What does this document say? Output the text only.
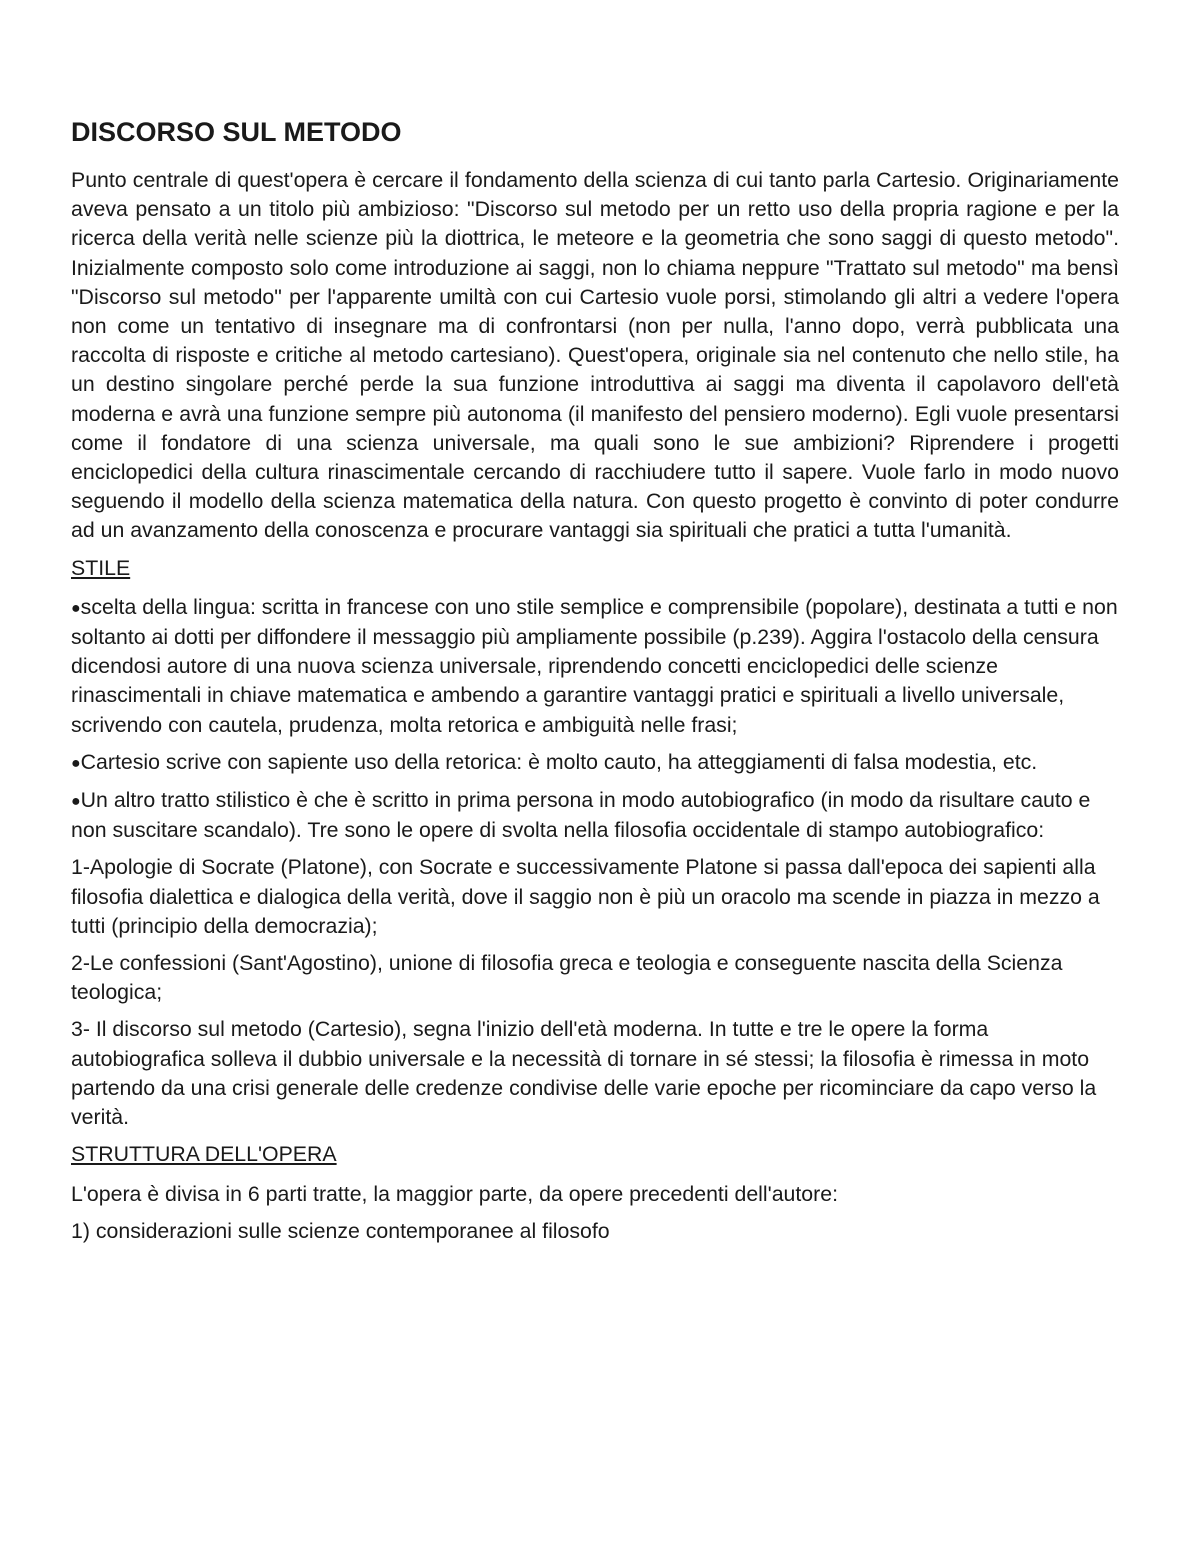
DISCORSO SUL METODO

Punto centrale di quest'opera è cercare il fondamento della scienza di cui tanto parla Cartesio. Originariamente aveva pensato a un titolo più ambizioso: "Discorso sul metodo per un retto uso della propria ragione e per la ricerca della verità nelle scienze più la diottrica, le meteore e la geometria che sono saggi di questo metodo". Inizialmente composto solo come introduzione ai saggi, non lo chiama neppure "Trattato sul metodo" ma bensì "Discorso sul metodo" per l'apparente umiltà con cui Cartesio vuole porsi, stimolando gli altri a vedere l'opera non come un tentativo di insegnare ma di confrontarsi (non per nulla, l'anno dopo, verrà pubblicata una raccolta di risposte e critiche al metodo cartesiano). Quest'opera, originale sia nel contenuto che nello stile, ha un destino singolare perché perde la sua funzione introduttiva ai saggi ma diventa il capolavoro dell'età moderna e avrà una funzione sempre più autonoma (il manifesto del pensiero moderno). Egli vuole presentarsi come il fondatore di una scienza universale, ma quali sono le sue ambizioni? Riprendere i progetti enciclopedici della cultura rinascimentale cercando di racchiudere tutto il sapere. Vuole farlo in modo nuovo seguendo il modello della scienza matematica della natura. Con questo progetto è convinto di poter condurre ad un avanzamento della conoscenza e procurare vantaggi sia spirituali che pratici a tutta l'umanità.

STILE

●scelta della lingua: scritta in francese con uno stile semplice e comprensibile (popolare), destinata a tutti e non soltanto ai dotti per diffondere il messaggio più ampliamente possibile (p.239). Aggira l'ostacolo della censura dicendosi autore di una nuova scienza universale, riprendendo concetti enciclopedici delle scienze rinascimentali in chiave matematica e ambendo a garantire vantaggi pratici e spirituali a livello universale, scrivendo con cautela, prudenza, molta retorica e ambiguità nelle frasi;

●Cartesio scrive con sapiente uso della retorica: è molto cauto, ha atteggiamenti di falsa modestia, etc.

●Un altro tratto stilistico è che è scritto in prima persona in modo autobiografico (in modo da risultare cauto e non suscitare scandalo). Tre sono le opere di svolta nella filosofia occidentale di stampo autobiografico:

1-Apologie di Socrate (Platone), con Socrate e successivamente Platone si passa dall'epoca dei sapienti alla filosofia dialettica e dialogica della verità, dove il saggio non è più un oracolo ma scende in piazza in mezzo a tutti (principio della democrazia);

2-Le confessioni (Sant'Agostino), unione di filosofia greca e teologia e conseguente nascita della Scienza teologica;

3- Il discorso sul metodo (Cartesio), segna l'inizio dell'età moderna. In tutte e tre le opere la forma autobiografica solleva il dubbio universale e la necessità di tornare in sé stessi; la filosofia è rimessa in moto partendo da una crisi generale delle credenze condivise delle varie epoche per ricominciare da capo verso la verità.

STRUTTURA DELL'OPERA

L'opera è divisa in 6 parti tratte, la maggior parte, da opere precedenti dell'autore:

1) considerazioni sulle scienze contemporanee al filosofo
